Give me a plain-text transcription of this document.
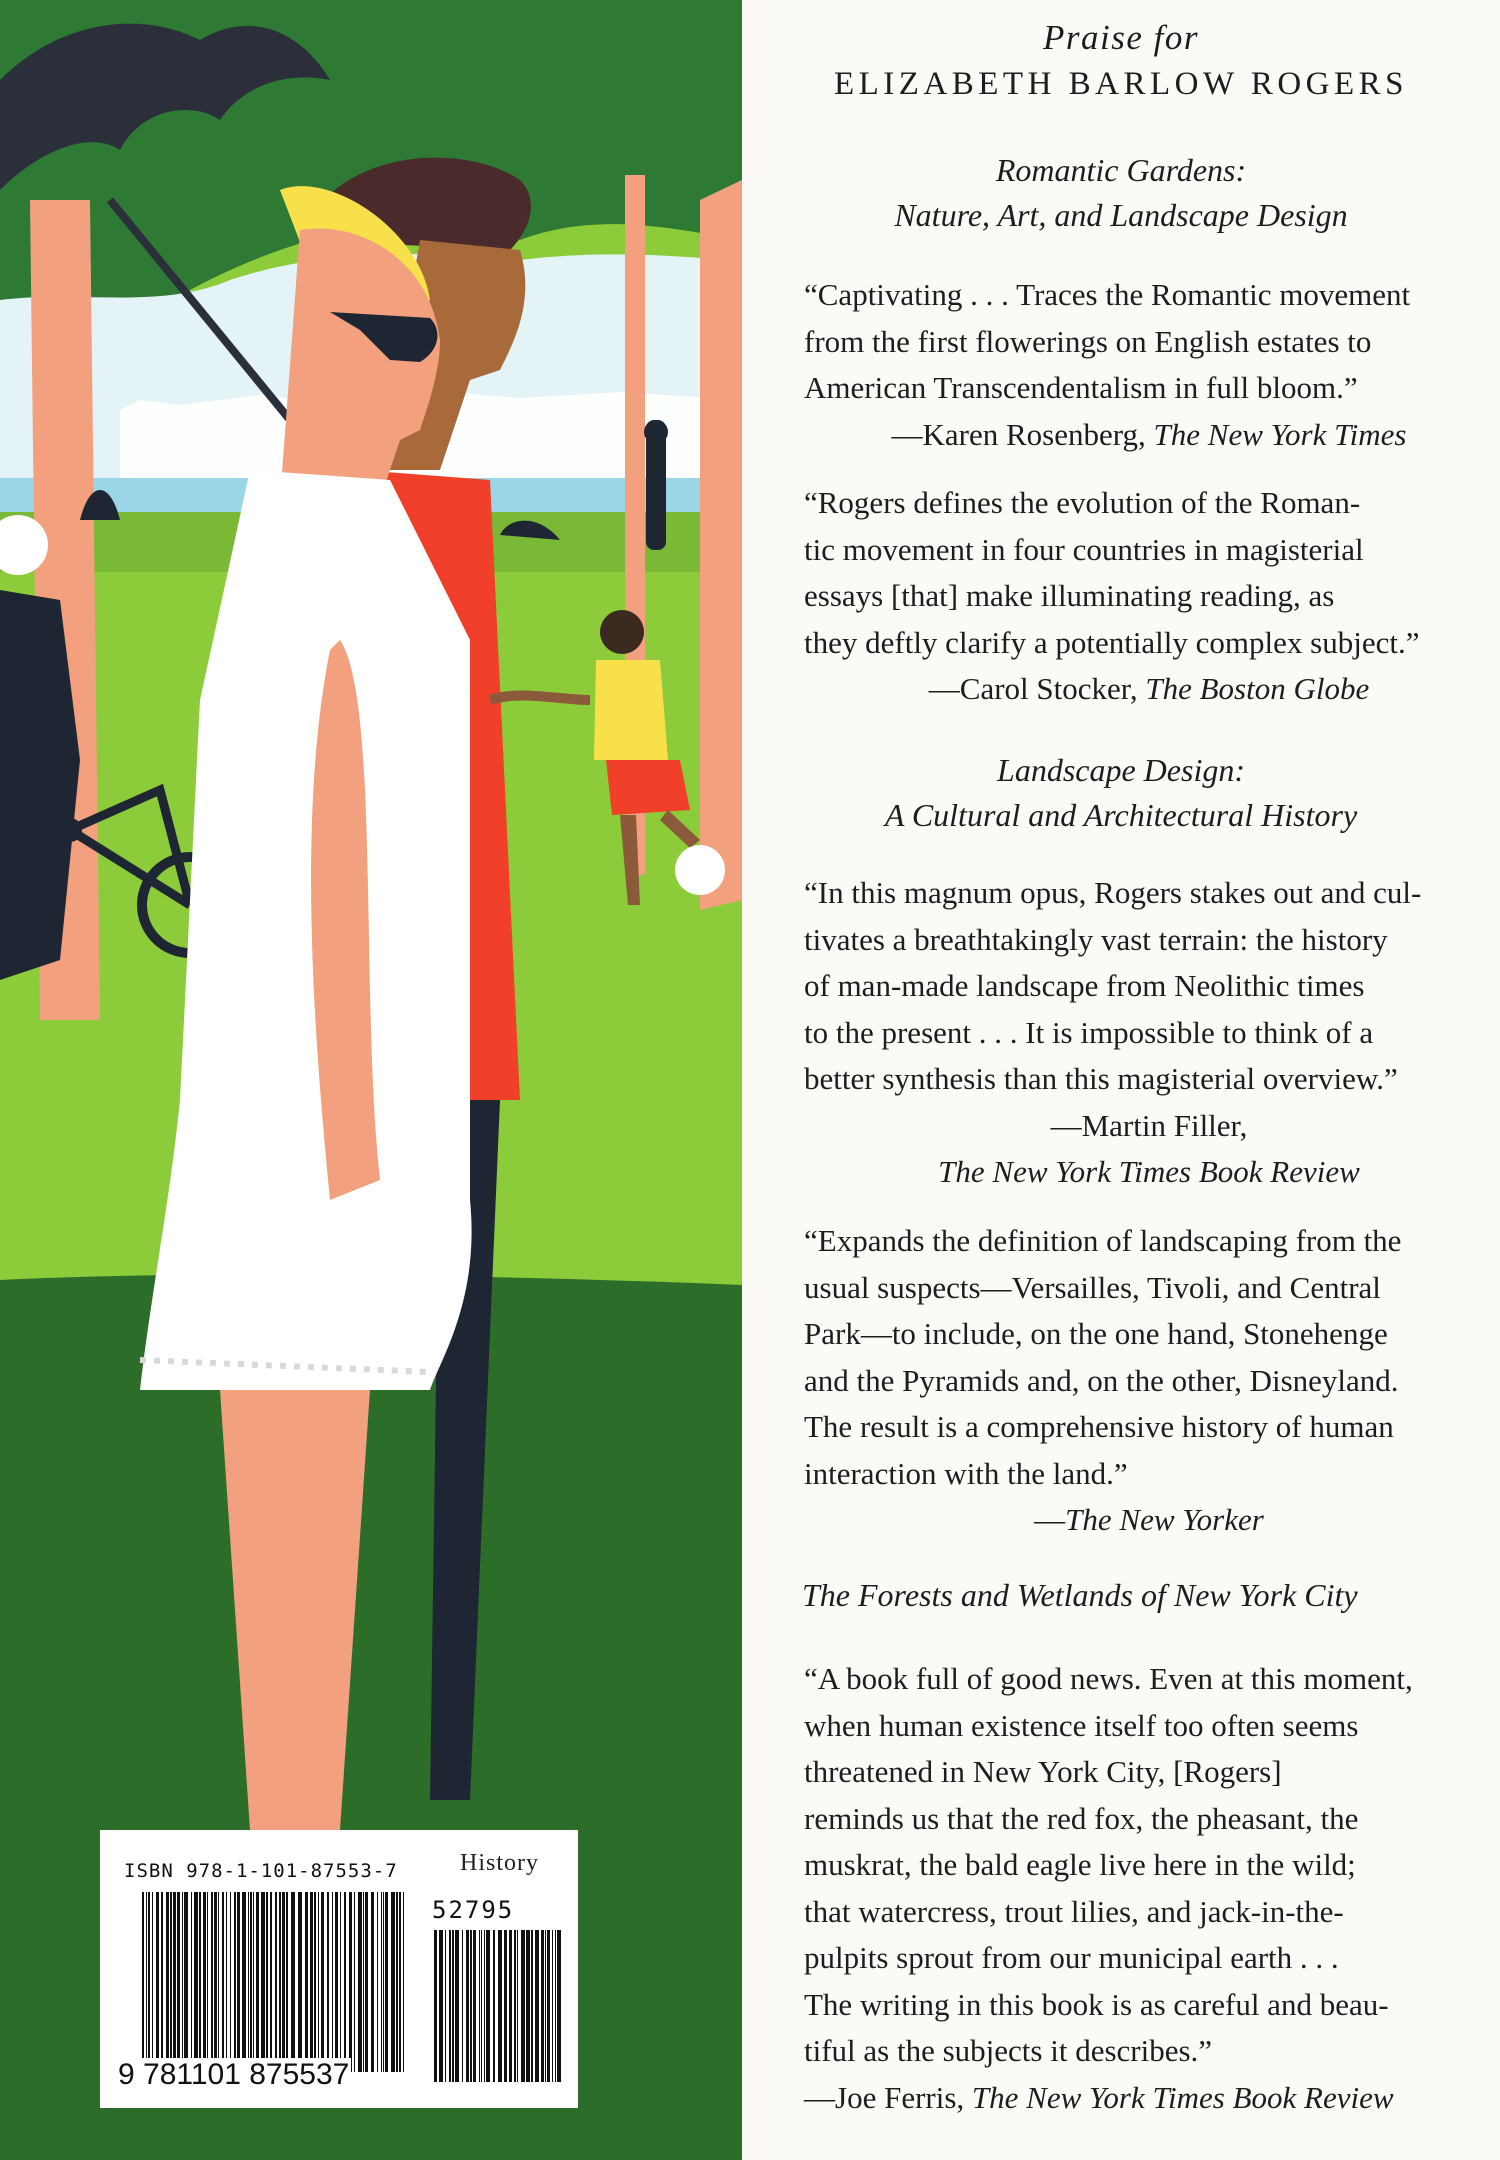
Praise for
ELIZABETH BARLOW ROGERS
Romantic Gardens:
Nature, Art, and Landscape Design
“Captivating . . . Traces the Romantic movement
from the first flowerings on English estates to
American Transcendentalism in full bloom.”
—Karen Rosenberg, The New York Times
“Rogers defines the evolution of the Roman-
tic movement in four countries in magisterial
essays [that] make illuminating reading, as
they deftly clarify a potentially complex subject.”
—Carol Stocker, The Boston Globe
Landscape Design:
A Cultural and Architectural History
“In this magnum opus, Rogers stakes out and cul-
tivates a breathtakingly vast terrain: the history
of man-made landscape from Neolithic times
to the present . . . It is impossible to think of a
better synthesis than this magisterial overview.”
—Martin Filler,
The New York Times Book Review
“Expands the definition of landscaping from the
usual suspects—Versailles, Tivoli, and Central
Park—to include, on the one hand, Stonehenge
and the Pyramids and, on the other, Disneyland.
The result is a comprehensive history of human
interaction with the land.”
—The New Yorker
The Forests and Wetlands of New York City
“A book full of good news. Even at this moment,
when human existence itself too often seems
threatened in New York City, [Rogers]
reminds us that the red fox, the pheasant, the
muskrat, the bald eagle live here in the wild;
that watercress, trout lilies, and jack-in-the-
pulpits sprout from our municipal earth . . .
The writing in this book is as careful and beau-
tiful as the subjects it describes.”
—Joe Ferris, The New York Times Book Review
ISBN 978-1-101-87553-7	History
52795
9 781101 875537
